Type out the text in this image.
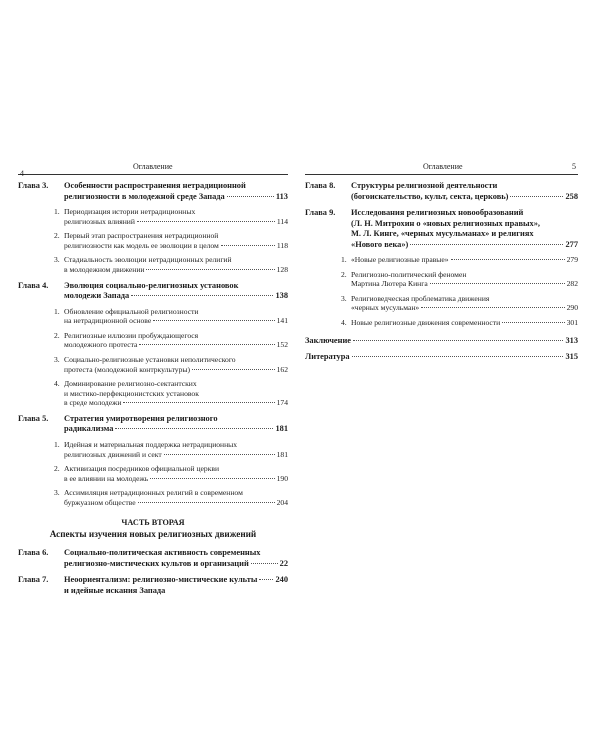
4
Оглавление
Глава 3.	Особенности распространения нетрадиционной
религиозности в молодежной среде Запада	113
1. Периодизация истории нетрадиционных
религиозных влияний	114
2. Первый этап распространения нетрадиционной
религиозности как модель ее эволюции в целом	118
3. Стадиальность эволюции нетрадиционных религий
в молодежном движении	128
Глава 4.	Эволюция социально-религиозных установок
молодежи Запада	138
1. Обновление официальной религиозности
на нетрадиционной основе	141
2. Религиозные иллюзии пробуждающегося
молодежного протеста	152
3. Социально-религиозные установки неполитического
протеста (молодежной контркультуры)	162
4. Доминирование религиозно-сектантских
и мистико-перфекционистских установок
в среде молодежи	174
Глава 5.	Стратегия умиротворения религиозного
радикализма	181
1. Идейная и материальная поддержка нетрадиционных
религиозных движений и сект	181
2. Активизация посредников официальной церкви
в ее влиянии на молодежь	190
3. Ассимиляция нетрадиционных религий в современном
буржуазном обществе	204
ЧАСТЬ ВТОРАЯ
Аспекты изучения новых религиозных движений
Глава 6.	Социально-политическая активность современных
религиозно-мистических культов и организаций	22
Глава 7.	Неоориентализм: религиозно-мистические культы 240
и идейные искания Запада
Оглавление	5
Глава 8.	Структуры религиозной деятельности
(богоискательство, культ, секта, церковь)	258
Глава 9.	Исследования религиозных новообразований
(Л. Н. Митрохин о «новых религиозных правых»,
М. Л. Кинге, «черных мусульманах» и религиях
«Нового века»)	277
1. «Новые религиозные правые»	279
2. Религиозно-политический феномен
Мартина Лютера Кинга	282
3. Религиоведческая проблематика движения
«черных мусульман»	290
4. Новые религиозные движения современности	301
Заключение	313
Литература	315
